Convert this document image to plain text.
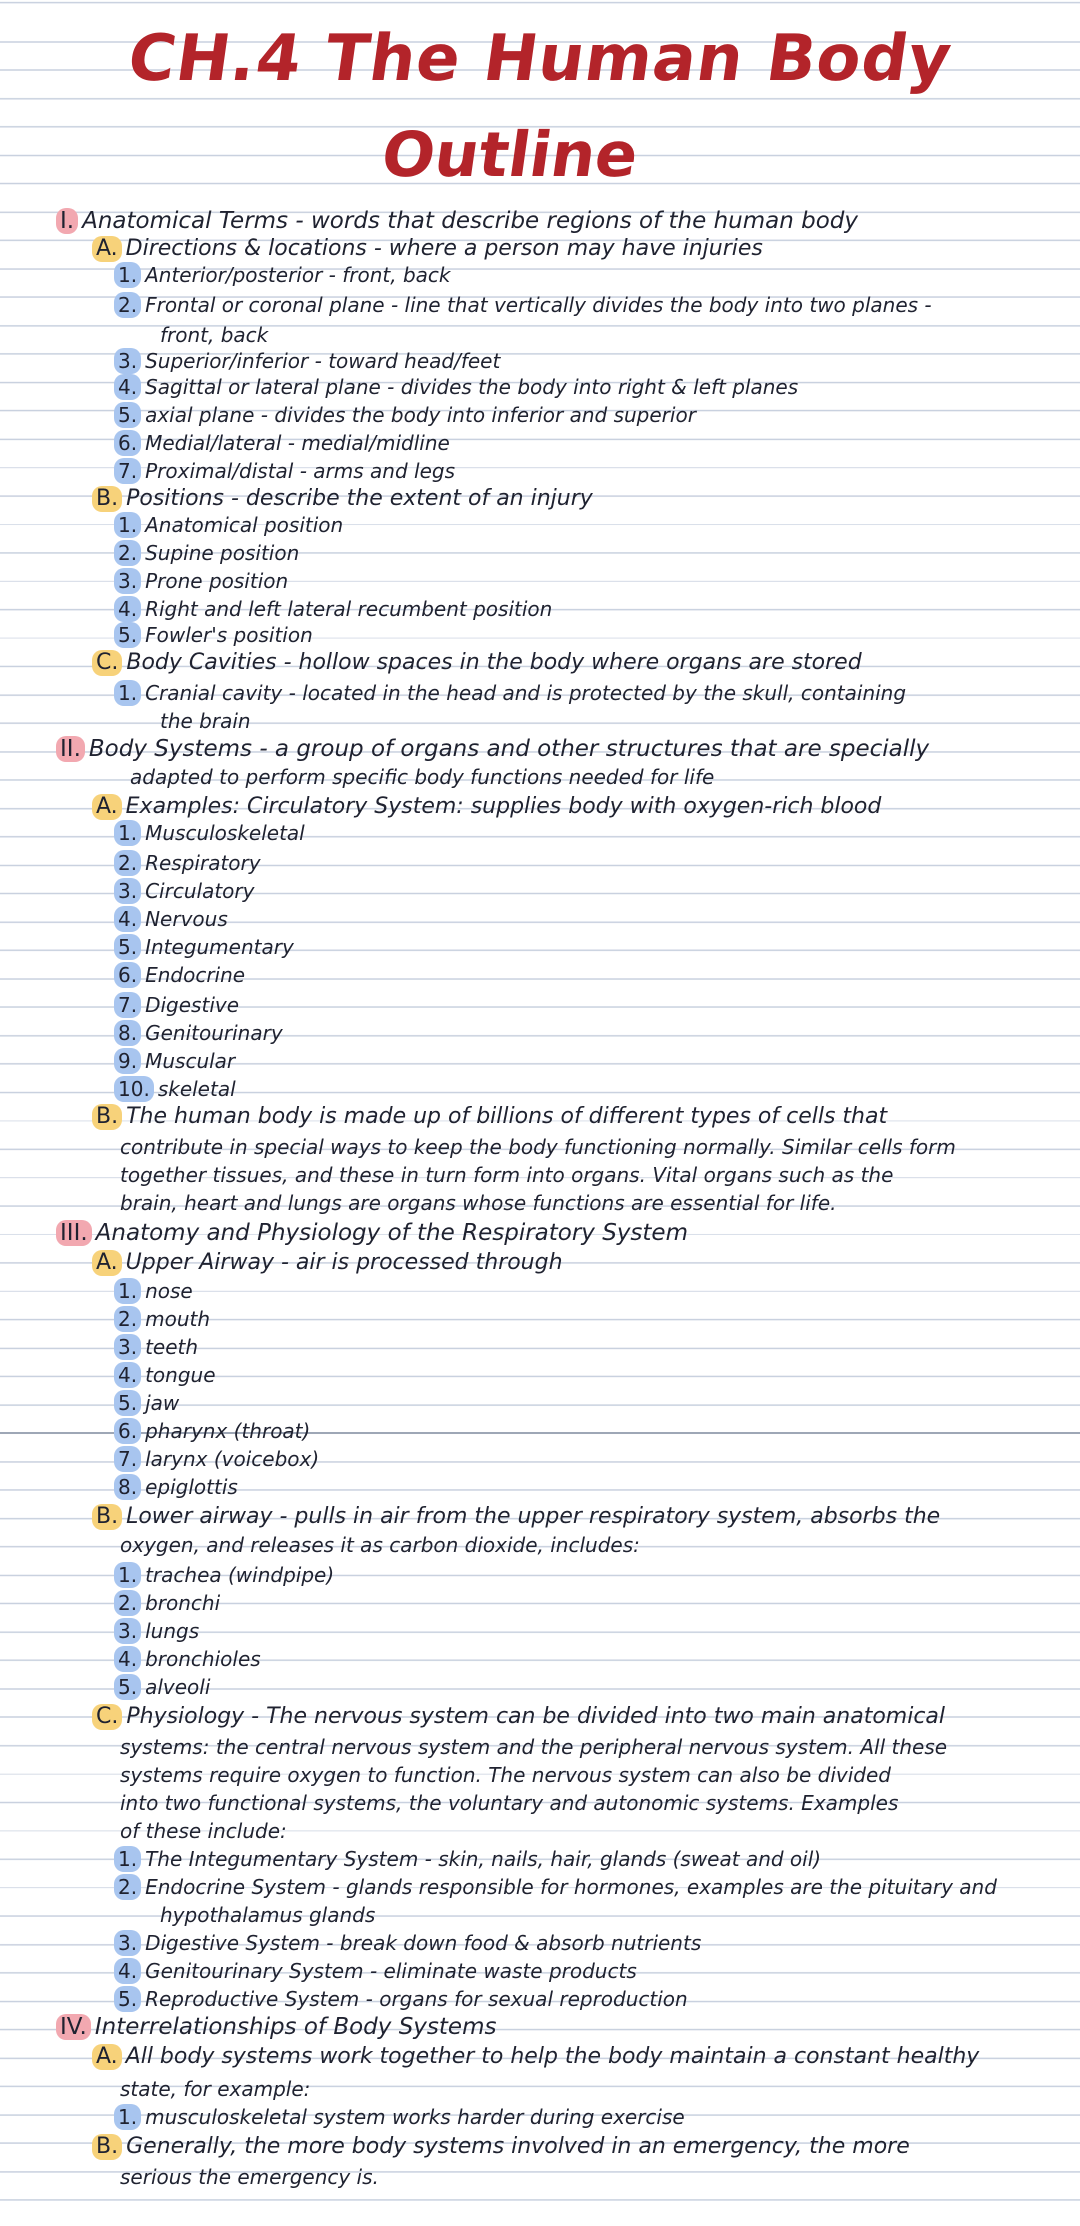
CH.4 The Human Body
Outline
I. Anatomical Terms - words that describe regions of the human body
A. Directions & locations - where a person may have injuries
1. Anterior/posterior - front, back
2. Frontal or coronal plane - line that vertically divides the body into two planes -
front, back
3. Superior/inferior - toward head/feet
4. Sagittal or lateral plane - divides the body into right & left planes
5. axial plane - divides the body into inferior and superior
6. Medial/lateral - medial/midline
7. Proximal/distal - arms and legs
B. Positions - describe the extent of an injury
1. Anatomical position
2. Supine position
3. Prone position
4. Right and left lateral recumbent position
5. Fowler's position
C. Body Cavities - hollow spaces in the body where organs are stored
1. Cranial cavity - located in the head and is protected by the skull, containing
the brain
II. Body Systems - a group of organs and other structures that are specially
adapted to perform specific body functions needed for life
A. Examples: Circulatory System: supplies body with oxygen-rich blood
1. Musculoskeletal
2. Respiratory
3. Circulatory
4. Nervous
5. Integumentary
6. Endocrine
7. Digestive
8. Genitourinary
9. Muscular
10. skeletal
B. The human body is made up of billions of different types of cells that
contribute in special ways to keep the body functioning normally. Similar cells form
together tissues, and these in turn form into organs. Vital organs such as the
brain, heart and lungs are organs whose functions are essential for life.
III. Anatomy and Physiology of the Respiratory System
A. Upper Airway - air is processed through
1. nose
2. mouth
3. teeth
4. tongue
5. jaw
6. pharynx (throat)
7. larynx (voicebox)
8. epiglottis
B. Lower airway - pulls in air from the upper respiratory system, absorbs the
oxygen, and releases it as carbon dioxide, includes:
1. trachea (windpipe)
2. bronchi
3. lungs
4. bronchioles
5. alveoli
C. Physiology - The nervous system can be divided into two main anatomical
systems: the central nervous system and the peripheral nervous system. All these
systems require oxygen to function. The nervous system can also be divided
into two functional systems, the voluntary and autonomic systems. Examples
of these include:
1. The Integumentary System - skin, nails, hair, glands (sweat and oil)
2. Endocrine System - glands responsible for hormones, examples are the pituitary and
hypothalamus glands
3. Digestive System - break down food & absorb nutrients
4. Genitourinary System - eliminate waste products
5. Reproductive System - organs for sexual reproduction
IV. Interrelationships of Body Systems
A. All body systems work together to help the body maintain a constant healthy
state, for example:
1. musculoskeletal system works harder during exercise
B. Generally, the more body systems involved in an emergency, the more
serious the emergency is.
